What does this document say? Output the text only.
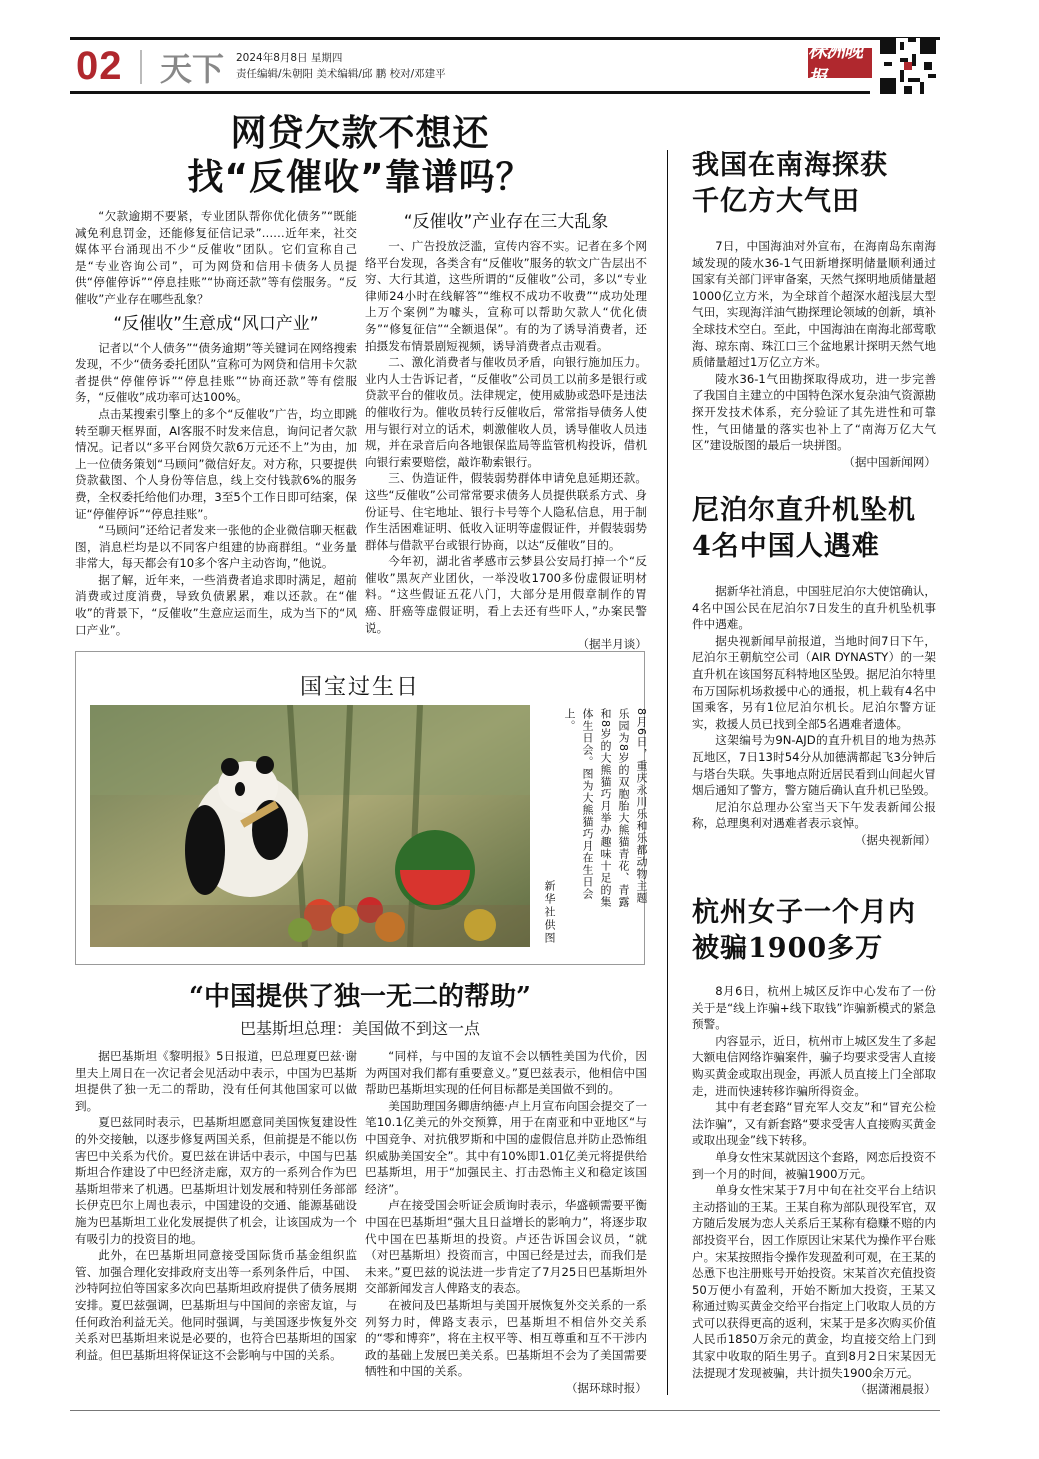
02 天下 2024年8月8日 星期四
责任编辑/朱朝阳 美术编辑/邱 鹏 校对/邓建平
株洲晚报
网贷欠款不想还
找“反催收”靠谱吗？

“欠款逾期不要紧，专业团队帮你优化债务”“既能减免利息罚金，还能修复征信记录”……近年来，社交媒体平台涌现出不少“反催收”团队。它们宣称自己是“专业咨询公司”，可为网贷和信用卡债务人员提供“停催停诉”“停息挂账”“协商还款”等有偿服务。“反催收”产业存在哪些乱象？

“反催收”生意成“风口产业”

记者以“个人债务”“债务逾期”等关键词在网络搜索发现，不少“债务委托团队”宣称可为网贷和信用卡欠款者提供“停催停诉”“停息挂账”“协商还款”等有偿服务，“反催收”成功率可达100%。

点击某搜索引擎上的多个“反催收”广告，均立即跳转至聊天框界面，AI客服不时发来信息，询问记者欠款情况。记者以“多平台网贷欠款6万元还不上”为由，加上一位债务策划“马顾问”微信好友。对方称，只要提供贷款截图、个人身份等信息，线上交付钱款6%的服务费，全权委托给他们办理，3至5个工作日即可结案，保证“停催停诉”“停息挂账”。

“马顾问”还给记者发来一张他的企业微信聊天框截图，消息栏均是以不同客户组建的协商群组。“业务量非常大，每天都会有10多个客户主动咨询，”他说。

据了解，近年来，一些消费者追求即时满足，超前消费或过度消费，导致负债累累，难以还款。在“催收”的背景下，“反催收”生意应运而生，成为当下的“风口产业”。

“反催收”产业存在三大乱象

一、广告投放泛滥，宣传内容不实。记者在多个网络平台发现，各类含有“反催收”服务的软文广告层出不穷、大行其道，这些所谓的“反催收”公司，多以“专业律师24小时在线解答”“维权不成功不收费”“成功处理上万个案例”为噱头，宣称可以帮助欠款人“优化债务”“修复征信”“全额退保”。有的为了诱导消费者，还拍摄发布情景剧短视频，诱导消费者点击观看。

二、激化消费者与催收员矛盾，向银行施加压力。业内人士告诉记者，“反催收”公司员工以前多是银行或贷款平台的催收员。法律规定，使用威胁或恐吓是违法的催收行为。催收员转行反催收后，常常指导债务人使用与银行对立的话术，刺激催收人员，诱导催收人员违规，并在录音后向各地银保监局等监管机构投诉，借机向银行索要赔偿，敲诈勒索银行。

三、伪造证件，假装弱势群体申请免息延期还款。这些“反催收”公司常常要求债务人员提供联系方式、身份证号、住宅地址、银行卡号等个人隐私信息，用于制作生活困难证明、低收入证明等虚假证件，并假装弱势群体与借款平台或银行协商，以达“反催收”目的。

今年初，湖北省孝感市云梦县公安局打掉一个“反催收”黑灰产业团伙，一举没收1700多份虚假证明材料。“这些假证五花八门，大部分是用假章制作的胃癌、肝癌等虚假证明，看上去还有些吓人，”办案民警说。

（据半月谈）

国宝过生日
8月6日，重庆永川乐和乐都动物主题乐园为8岁的双胞胎大熊猫青花、青露和8岁的大熊猫巧月举办趣味十足的集体生日会。图为大熊猫巧月在生日会上。
新华社供图
“中国提供了独一无二的帮助”
巴基斯坦总理：美国做不到这一点

据巴基斯坦《黎明报》5日报道，巴总理夏巴兹·谢里夫上周日在一次记者会见活动中表示，中国为巴基斯坦提供了独一无二的帮助，没有任何其他国家可以做到。

夏巴兹同时表示，巴基斯坦愿意同美国恢复建设性的外交接触，以逐步修复两国关系，但前提是不能以伤害巴中关系为代价。夏巴兹在讲话中表示，中国与巴基斯坦合作建设了中巴经济走廊，双方的一系列合作为巴基斯坦带来了机遇。巴基斯坦计划发展和特别任务部部长伊克巴尔上周也表示，中国建设的交通、能源基础设施为巴基斯坦工业化发展提供了机会，让该国成为一个有吸引力的投资目的地。

此外，在巴基斯坦同意接受国际货币基金组织监管、加强合理化安排政府支出等一系列条件后，中国、沙特阿拉伯等国家多次向巴基斯坦政府提供了债务展期安排。夏巴兹强调，巴基斯坦与中国间的亲密友谊，与任何政治利益无关。他同时强调，与美国逐步恢复外交关系对巴基斯坦来说是必要的，也符合巴基斯坦的国家利益。但巴基斯坦将保证这不会影响与中国的关系。

“同样，与中国的友谊不会以牺牲美国为代价，因为两国对我们都有重要意义。”夏巴兹表示，他相信中国帮助巴基斯坦实现的任何目标都是美国做不到的。

美国助理国务卿唐纳德·卢上月宣布向国会提交了一笔10.1亿美元的外交预算，用于在南亚和中亚地区“与中国竞争、对抗俄罗斯和中国的虚假信息并防止恐怖组织威胁美国安全”。其中有10%即1.01亿美元将提供给巴基斯坦，用于“加强民主、打击恐怖主义和稳定该国经济”。

卢在接受国会听证会质询时表示，华盛顿需要平衡中国在巴基斯坦“强大且日益增长的影响力”，将逐步取代中国在巴基斯坦的投资。卢还告诉国会议员，“就（对巴基斯坦）投资而言，中国已经是过去，而我们是未来。”夏巴兹的说法进一步肯定了7月25日巴基斯坦外交部新闻发言人俾路支的表态。

在被问及巴基斯坦与美国开展恢复外交关系的一系列努力时，俾路支表示，巴基斯坦不相信外交关系的“零和博弈”，将在主权平等、相互尊重和互不干涉内政的基础上发展巴美关系。巴基斯坦不会为了美国需要牺牲和中国的关系。

（据环球时报）

我国在南海探获
千亿方大气田

7日，中国海油对外宣布，在海南岛东南海域发现的陵水36-1气田新增探明储量顺利通过国家有关部门评审备案，天然气探明地质储量超1000亿立方米，为全球首个超深水超浅层大型气田，实现海洋油气勘探理论领域的创新，填补全球技术空白。至此，中国海油在南海北部莺歌海、琼东南、珠江口三个盆地累计探明天然气地质储量超过1万亿立方米。

陵水36-1气田勘探取得成功，进一步完善了我国自主建立的中国特色深水复杂油气资源勘探开发技术体系，充分验证了其先进性和可靠性，气田储量的落实也补上了“南海万亿大气区”建设版图的最后一块拼图。

（据中国新闻网）

尼泊尔直升机坠机
4名中国人遇难

据新华社消息，中国驻尼泊尔大使馆确认，4名中国公民在尼泊尔7日发生的直升机坠机事件中遇难。

据央视新闻早前报道，当地时间7日下午，尼泊尔王朝航空公司（AIR DYNASTY）的一架直升机在该国努瓦科特地区坠毁。据尼泊尔特里布万国际机场救援中心的通报，机上载有4名中国乘客，另有1位尼泊尔机长。尼泊尔警方证实，救援人员已找到全部5名遇难者遗体。

这架编号为9N-AJD的直升机目的地为热苏瓦地区，7日13时54分从加德满都起飞3分钟后与塔台失联。失事地点附近居民看到山间起火冒烟后通知了警方，警方随后确认直升机已坠毁。

尼泊尔总理办公室当天下午发表新闻公报称，总理奥利对遇难者表示哀悼。

（据央视新闻）

杭州女子一个月内
被骗1900多万

8月6日，杭州上城区反诈中心发布了一份关于是“线上诈骗+线下取钱”诈骗新模式的紧急预警。

内容显示，近日，杭州市上城区发生了多起大额电信网络诈骗案件，骗子均要求受害人直接购买黄金或取出现金，再派人员直接上门全部取走，进而快速转移诈骗所得资金。

其中有老套路“冒充军人交友”和“冒充公检法诈骗”，又有新套路“要求受害人直接购买黄金或取出现金”线下转移。

单身女性宋某就因这个套路，网恋后投资不到一个月的时间，被骗1900万元。

单身女性宋某于7月中旬在社交平台上结识主动搭讪的王某。王某自称为部队现役军官，双方随后发展为恋人关系后王某称有稳赚不赔的内部投资平台，因工作原因让宋某代为操作平台账户。宋某按照指令操作发现盈利可观，在王某的怂恿下也注册账号开始投资。宋某首次充值投资50万便小有盈利，开始不断加大投资，王某又称通过购买黄金交给平台指定上门收取人员的方式可以获得更高的返利，宋某于是多次购买价值人民币1850万余元的黄金，均直接交给上门到其家中收取的陌生男子。直到8月2日宋某因无法提现才发现被骗，共计损失1900余万元。

（据潇湘晨报）
